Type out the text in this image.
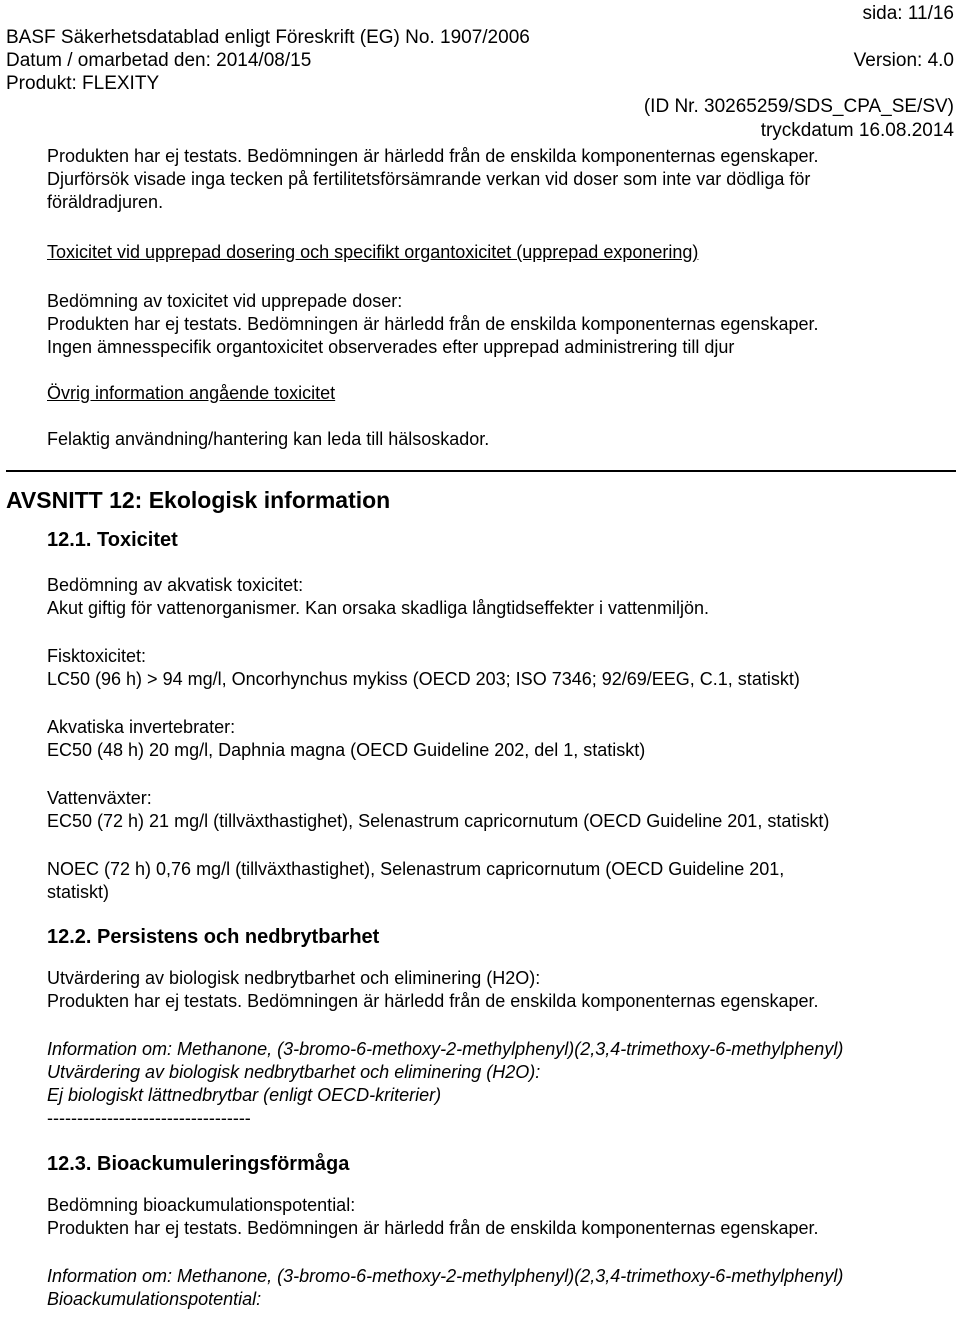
sida: 11/16
BASF Säkerhetsdatablad enligt Föreskrift (EG) No. 1907/2006
Datum / omarbetad den: 2014/08/15	Version: 4.0
Produkt: FLEXITY
(ID Nr. 30265259/SDS_CPA_SE/SV)
tryckdatum 16.08.2014

Produkten har ej testats. Bedömningen är härledd från de enskilda komponenternas egenskaper.

Djurförsök visade inga tecken på fertilitetsförsämrande verkan vid doser som inte var dödliga för

föräldradjuren.

Toxicitet vid upprepad dosering och specifikt organtoxicitet (upprepad exponering)

Bedömning av toxicitet vid upprepade doser:

Produkten har ej testats. Bedömningen är härledd från de enskilda komponenternas egenskaper.

Ingen ämnesspecifik organtoxicitet observerades efter upprepad administrering till djur

Övrig information angående toxicitet

Felaktig användning/hantering kan leda till hälsoskador.

AVSNITT 12: Ekologisk information

12.1. Toxicitet

Bedömning av akvatisk toxicitet:

Akut giftig för vattenorganismer. Kan orsaka skadliga långtidseffekter i vattenmiljön.

Fisktoxicitet:

LC50 (96 h) > 94 mg/l, Oncorhynchus mykiss (OECD 203; ISO 7346; 92/69/EEG, C.1, statiskt)

Akvatiska invertebrater:

EC50 (48 h) 20 mg/l, Daphnia magna (OECD Guideline 202, del 1, statiskt)

Vattenväxter:

EC50 (72 h) 21 mg/l (tillväxthastighet), Selenastrum capricornutum (OECD Guideline 201, statiskt)

NOEC (72 h) 0,76 mg/l (tillväxthastighet), Selenastrum capricornutum (OECD Guideline 201,

statiskt)

12.2. Persistens och nedbrytbarhet

Utvärdering av biologisk nedbrytbarhet och eliminering (H2O):

Produkten har ej testats. Bedömningen är härledd från de enskilda komponenternas egenskaper.

Information om: Methanone, (3-bromo-6-methoxy-2-methylphenyl)(2,3,4-trimethoxy-6-methylphenyl)

Utvärdering av biologisk nedbrytbarhet och eliminering (H2O):

Ej biologiskt lättnedbrytbar (enligt OECD-kriterier)

----------------------------------

12.3. Bioackumuleringsförmåga

Bedömning bioackumulationspotential:

Produkten har ej testats. Bedömningen är härledd från de enskilda komponenternas egenskaper.

Information om: Methanone, (3-bromo-6-methoxy-2-methylphenyl)(2,3,4-trimethoxy-6-methylphenyl)

Bioackumulationspotential:
